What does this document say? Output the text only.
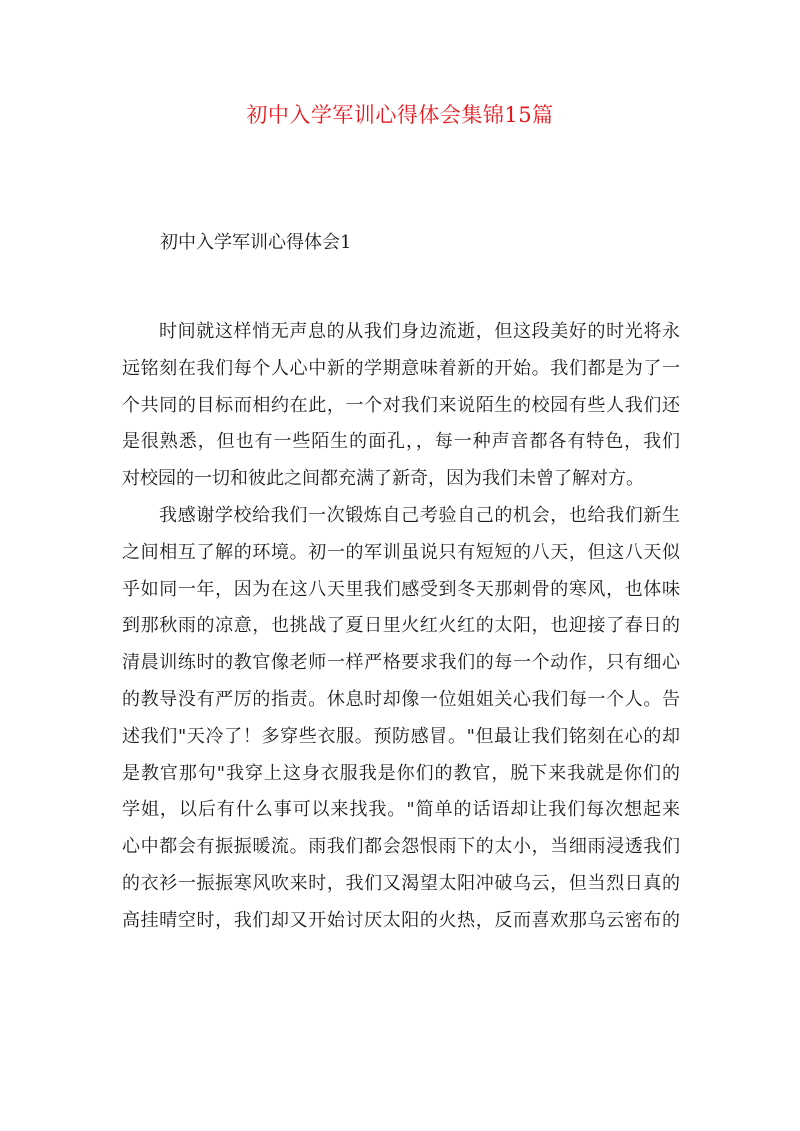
初中入学军训心得体会集锦15篇
初中入学军训心得体会1

时间就这样悄无声息的从我们身边流逝，但这段美好的时光将永
远铭刻在我们每个人心中新的学期意味着新的开始。我们都是为了一
个共同的目标而相约在此，一个对我们来说陌生的校园有些人我们还
是很熟悉，但也有一些陌生的面孔，，每一种声音都各有特色，我们
对校园的一切和彼此之间都充满了新奇，因为我们未曾了解对方。

我感谢学校给我们一次锻炼自己考验自己的机会，也给我们新生
之间相互了解的环境。初一的军训虽说只有短短的八天，但这八天似
乎如同一年，因为在这八天里我们感受到冬天那刺骨的寒风，也体味
到那秋雨的凉意，也挑战了夏日里火红火红的太阳，也迎接了春日的
清晨训练时的教官像老师一样严格要求我们的每一个动作，只有细心
的教导没有严厉的指责。休息时却像一位姐姐关心我们每一个人。告
述我们"天冷了！多穿些衣服。预防感冒。"但最让我们铭刻在心的却
是教官那句"我穿上这身衣服我是你们的教官，脱下来我就是你们的
学姐，以后有什么事可以来找我。"简单的话语却让我们每次想起来
心中都会有振振暖流。雨我们都会怨恨雨下的太小，当细雨浸透我们
的衣衫一振振寒风吹来时，我们又渴望太阳冲破乌云，但当烈日真的
高挂晴空时，我们却又开始讨厌太阳的火热，反而喜欢那乌云密布的
